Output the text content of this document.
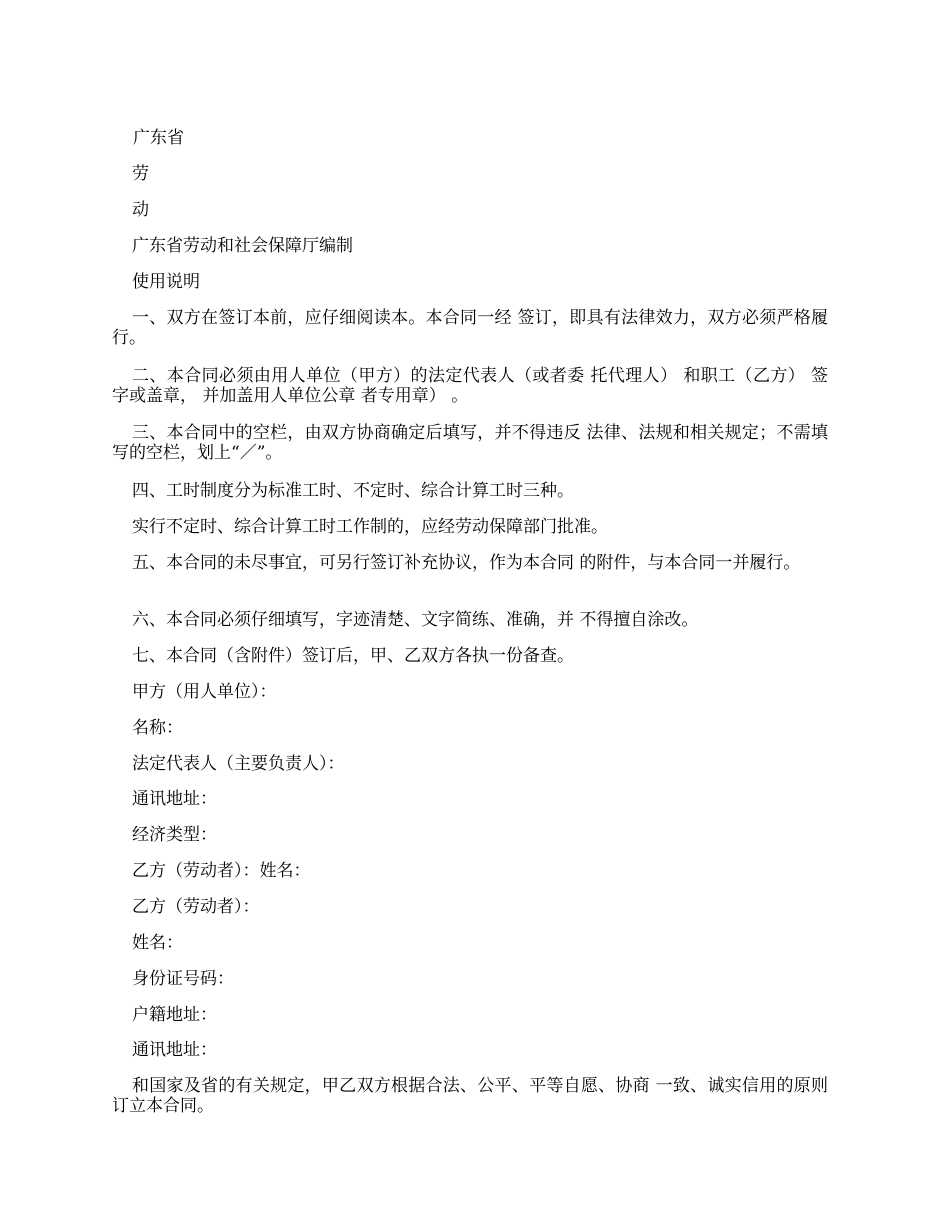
广东省
劳
动
广东省劳动和社会保障厅编制
使用说明
一、双方在签订本前，应仔细阅读本。本合同一经 签订，即具有法律效力，双方必须严格履行。
二、本合同必须由用人单位（甲方）的法定代表人（或者委 托代理人） 和职工（乙方） 签字或盖章， 并加盖用人单位公章 者专用章） 。
三、本合同中的空栏，由双方协商确定后填写，并不得违反 法律、法规和相关规定；不需填写的空栏，划上“／”。
四、工时制度分为标准工时、不定时、综合计算工时三种。
实行不定时、综合计算工时工作制的，应经劳动保障部门批准。
五、本合同的未尽事宜，可另行签订补充协议，作为本合同 的附件，与本合同一并履行。
六、本合同必须仔细填写，字迹清楚、文字简练、准确，并 不得擅自涂改。
七、本合同（含附件）签订后，甲、乙双方各执一份备查。
甲方（用人单位）：
名称：
法定代表人（主要负责人）：
通讯地址：
经济类型：
乙方（劳动者）：姓名：
乙方（劳动者）：
姓名：
身份证号码：
户籍地址：
通讯地址：
和国家及省的有关规定，甲乙双方根据合法、公平、平等自愿、协商 一致、诚实信用的原则订立本合同。
